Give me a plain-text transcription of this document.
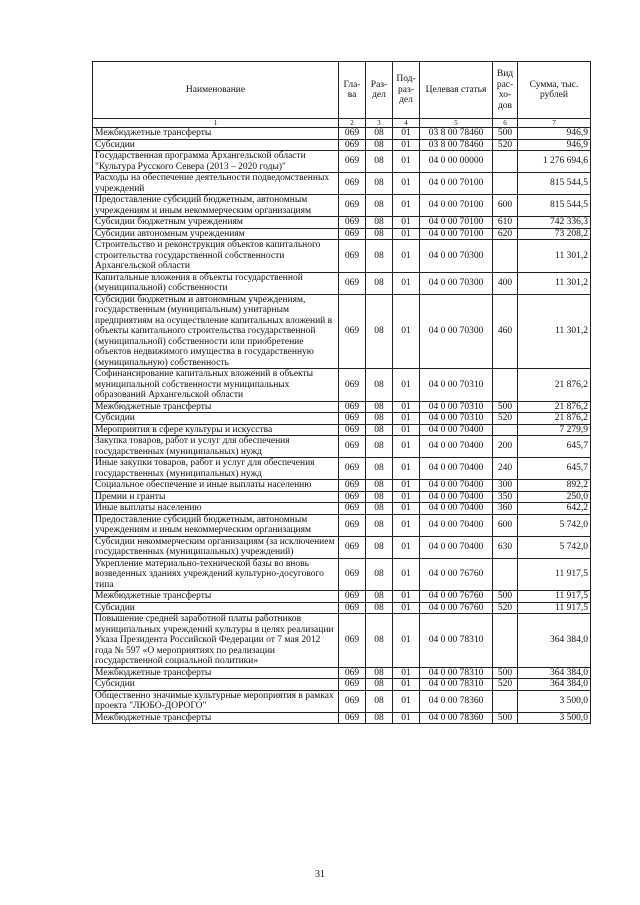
Наименование	Гла-ва	Раз-дел	Под-раз-дел	Целевая статья	Вид рас-хо-дов	Сумма, тыс. рублей
1	2	3	4	5	6	7
Межбюджетные трансферты	069	08	01	03 8 00 78460	500	946,9
Субсидии	069	08	01	03 8 00 78460	520	946,9
Государственная программа Архангельской области "Культура Русского Севера (2013 – 2020 годы)"	069	08	01	04 0 00 00000		1 276 694,6
Расходы на обеспечение деятельности подведомственных учреждений	069	08	01	04 0 00 70100		815 544,5
Предоставление субсидий бюджетным, автономным учреждениям и иным некоммерческим организациям	069	08	01	04 0 00 70100	600	815 544,5
Субсидии бюджетным учреждениям	069	08	01	04 0 00 70100	610	742 336,3
Субсидии автономным учреждениям	069	08	01	04 0 00 70100	620	73 208,2
Строительство и реконструкция объектов капитального строительства государственной собственности Архангельской области	069	08	01	04 0 00 70300		11 301,2
Капитальные вложения в объекты государственной (муниципальной) собственности	069	08	01	04 0 00 70300	400	11 301,2
Субсидии бюджетным и автономным учреждениям, государственным (муниципальным) унитарным предприятиям на осуществление капитальных вложений в объекты капитального строительства государственной (муниципальной) собственности или приобретение объектов недвижимого имущества в государственную (муниципальную) собственность	069	08	01	04 0 00 70300	460	11 301,2
Софинансирование капитальных вложений в объекты муниципальной собственности муниципальных образований Архангельской области	069	08	01	04 0 00 70310		21 876,2
Межбюджетные трансферты	069	08	01	04 0 00 70310	500	21 876,2
Субсидии	069	08	01	04 0 00 70310	520	21 876,2
Мероприятия в сфере культуры и искусства	069	08	01	04 0 00 70400		7 279,9
Закупка товаров, работ и услуг для обеспечения государственных (муниципальных) нужд	069	08	01	04 0 00 70400	200	645,7
Иные закупки товаров, работ и услуг для обеспечения государственных (муниципальных) нужд	069	08	01	04 0 00 70400	240	645,7
Социальное обеспечение и иные выплаты населению	069	08	01	04 0 00 70400	300	892,2
Премии и гранты	069	08	01	04 0 00 70400	350	250,0
Иные выплаты населению	069	08	01	04 0 00 70400	360	642,2
Предоставление субсидий бюджетным, автономным учреждениям и иным некоммерческим организациям	069	08	01	04 0 00 70400	600	5 742,0
Субсидии некоммерческим организациям (за исключением государственных (муниципальных) учреждений)	069	08	01	04 0 00 70400	630	5 742,0
Укрепление материально-технической базы во вновь возведенных зданиях учреждений культурно-досугового типа	069	08	01	04 0 00 76760		11 917,5
Межбюджетные трансферты	069	08	01	04 0 00 76760	500	11 917,5
Субсидии	069	08	01	04 0 00 76760	520	11 917,5
Повышение средней заработной платы работников муниципальных учреждений культуры в целях реализации Указа Президента Российской Федерации от 7 мая 2012 года № 597 «О мероприятиях по реализации государственной социальной политики»	069	08	01	04 0 00 78310		364 384,0
Межбюджетные трансферты	069	08	01	04 0 00 78310	500	364 384,0
Субсидии	069	08	01	04 0 00 78310	520	364 384,0
Общественно значимые культурные мероприятия в рамках проекта "ЛЮБО-ДОРОГО"	069	08	01	04 0 00 78360		3 500,0
Межбюджетные трансферты	069	08	01	04 0 00 78360	500	3 500,0
31
